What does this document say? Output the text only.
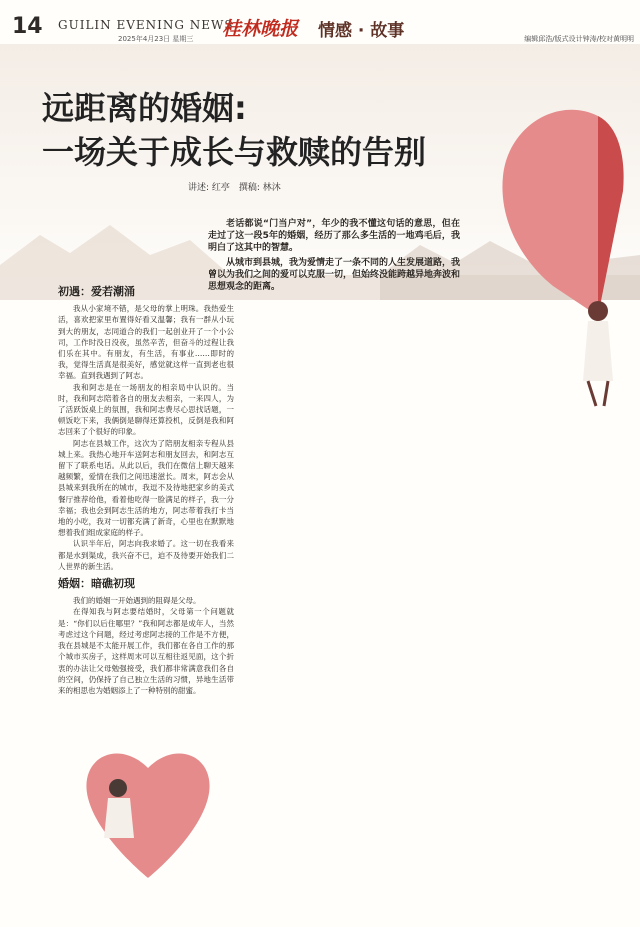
14 GUILIN EVENING NEWS
2025年4月23日 星期三 桂林晚报 情感 · 故事	编辑邱浩/版式设计钟涛/校对黄明明
远距离的婚姻:
一场关于成长与救赎的告别
讲述: 红亭　撰稿: 林沐

老话都说“门当户对”，年少的我不懂这句话的意思，但在走过了这一段5年的婚姻，经历了那么多生活的一地鸡毛后，我明白了这其中的智慧。

从城市到县城，我为爱情走了一条不同的人生发展道路，我曾以为我们之间的爱可以克服一切，但始终没能跨越异地奔波和思想观念的距离。

初遇：爱若潮涌

我从小家境不错，是父母的掌上明珠。我热爱生活，喜欢把家里布置得好看又温馨；我有一群从小玩到大的朋友，志同道合的我们一起创业开了一个小公司，工作时没日没夜，虽然辛苦，但奋斗的过程让我们乐在其中。有朋友，有生活，有事业……即时的我，觉得生活真是很美好，感觉就这样一直到老也很幸福。直到我遇到了阿志。

我和阿志是在一场朋友的相亲局中认识的。当时，我和阿志陪着各自的朋友去相亲，一来四人，为了活跃饭桌上的氛围，我和阿志费尽心思找话题，一顿饭吃下来，我俩倒是聊得还算投机，反倒是我和阿志回来了个很好的印象。

阿志在县城工作，这次为了陪朋友相亲专程从县城上来。我热心地开车送阿志和朋友回去，和阿志互留下了联系电话。从此以后，我们在微信上聊天越来越频繁，爱情在我们之间迅速滋长。周末，阿志会从县城来到我所在的城市，我逗不及待地把家乡的美式餐厅推荐给他，看着他吃得一脸满足的样子，我一分幸福；我也会到阿志生活的地方，阿志带着我打卡当地的小吃，我对一切都充满了新奇，心里也在默默地想着我们组成家庭的样子。

认识半年后，阿志向我求婚了。这一切在我看来都是水到渠成，我兴奋不已，迫不及待要开始我们二人世界的新生活。

婚姻：暗礁初现

我们的婚姻一开始遇到的阻碍是父母。

在得知我与阿志要结婚时，父母第一个问题就是：“你们以后住哪里？”我和阿志都是成年人，当然考虑过这个问题，经过考虑阿志接的工作是不方便，我在县城是不太能开展工作，我们都在各自工作的那个城市买房子，这样周末可以互相往返见面，这个折衷的办法让父母勉强接受，我们都非常满意我们各自的空间，仍保持了自己独立生活的习惯，异地生活带来的相思也为婚姻添上了一种特别的甜蜜。
